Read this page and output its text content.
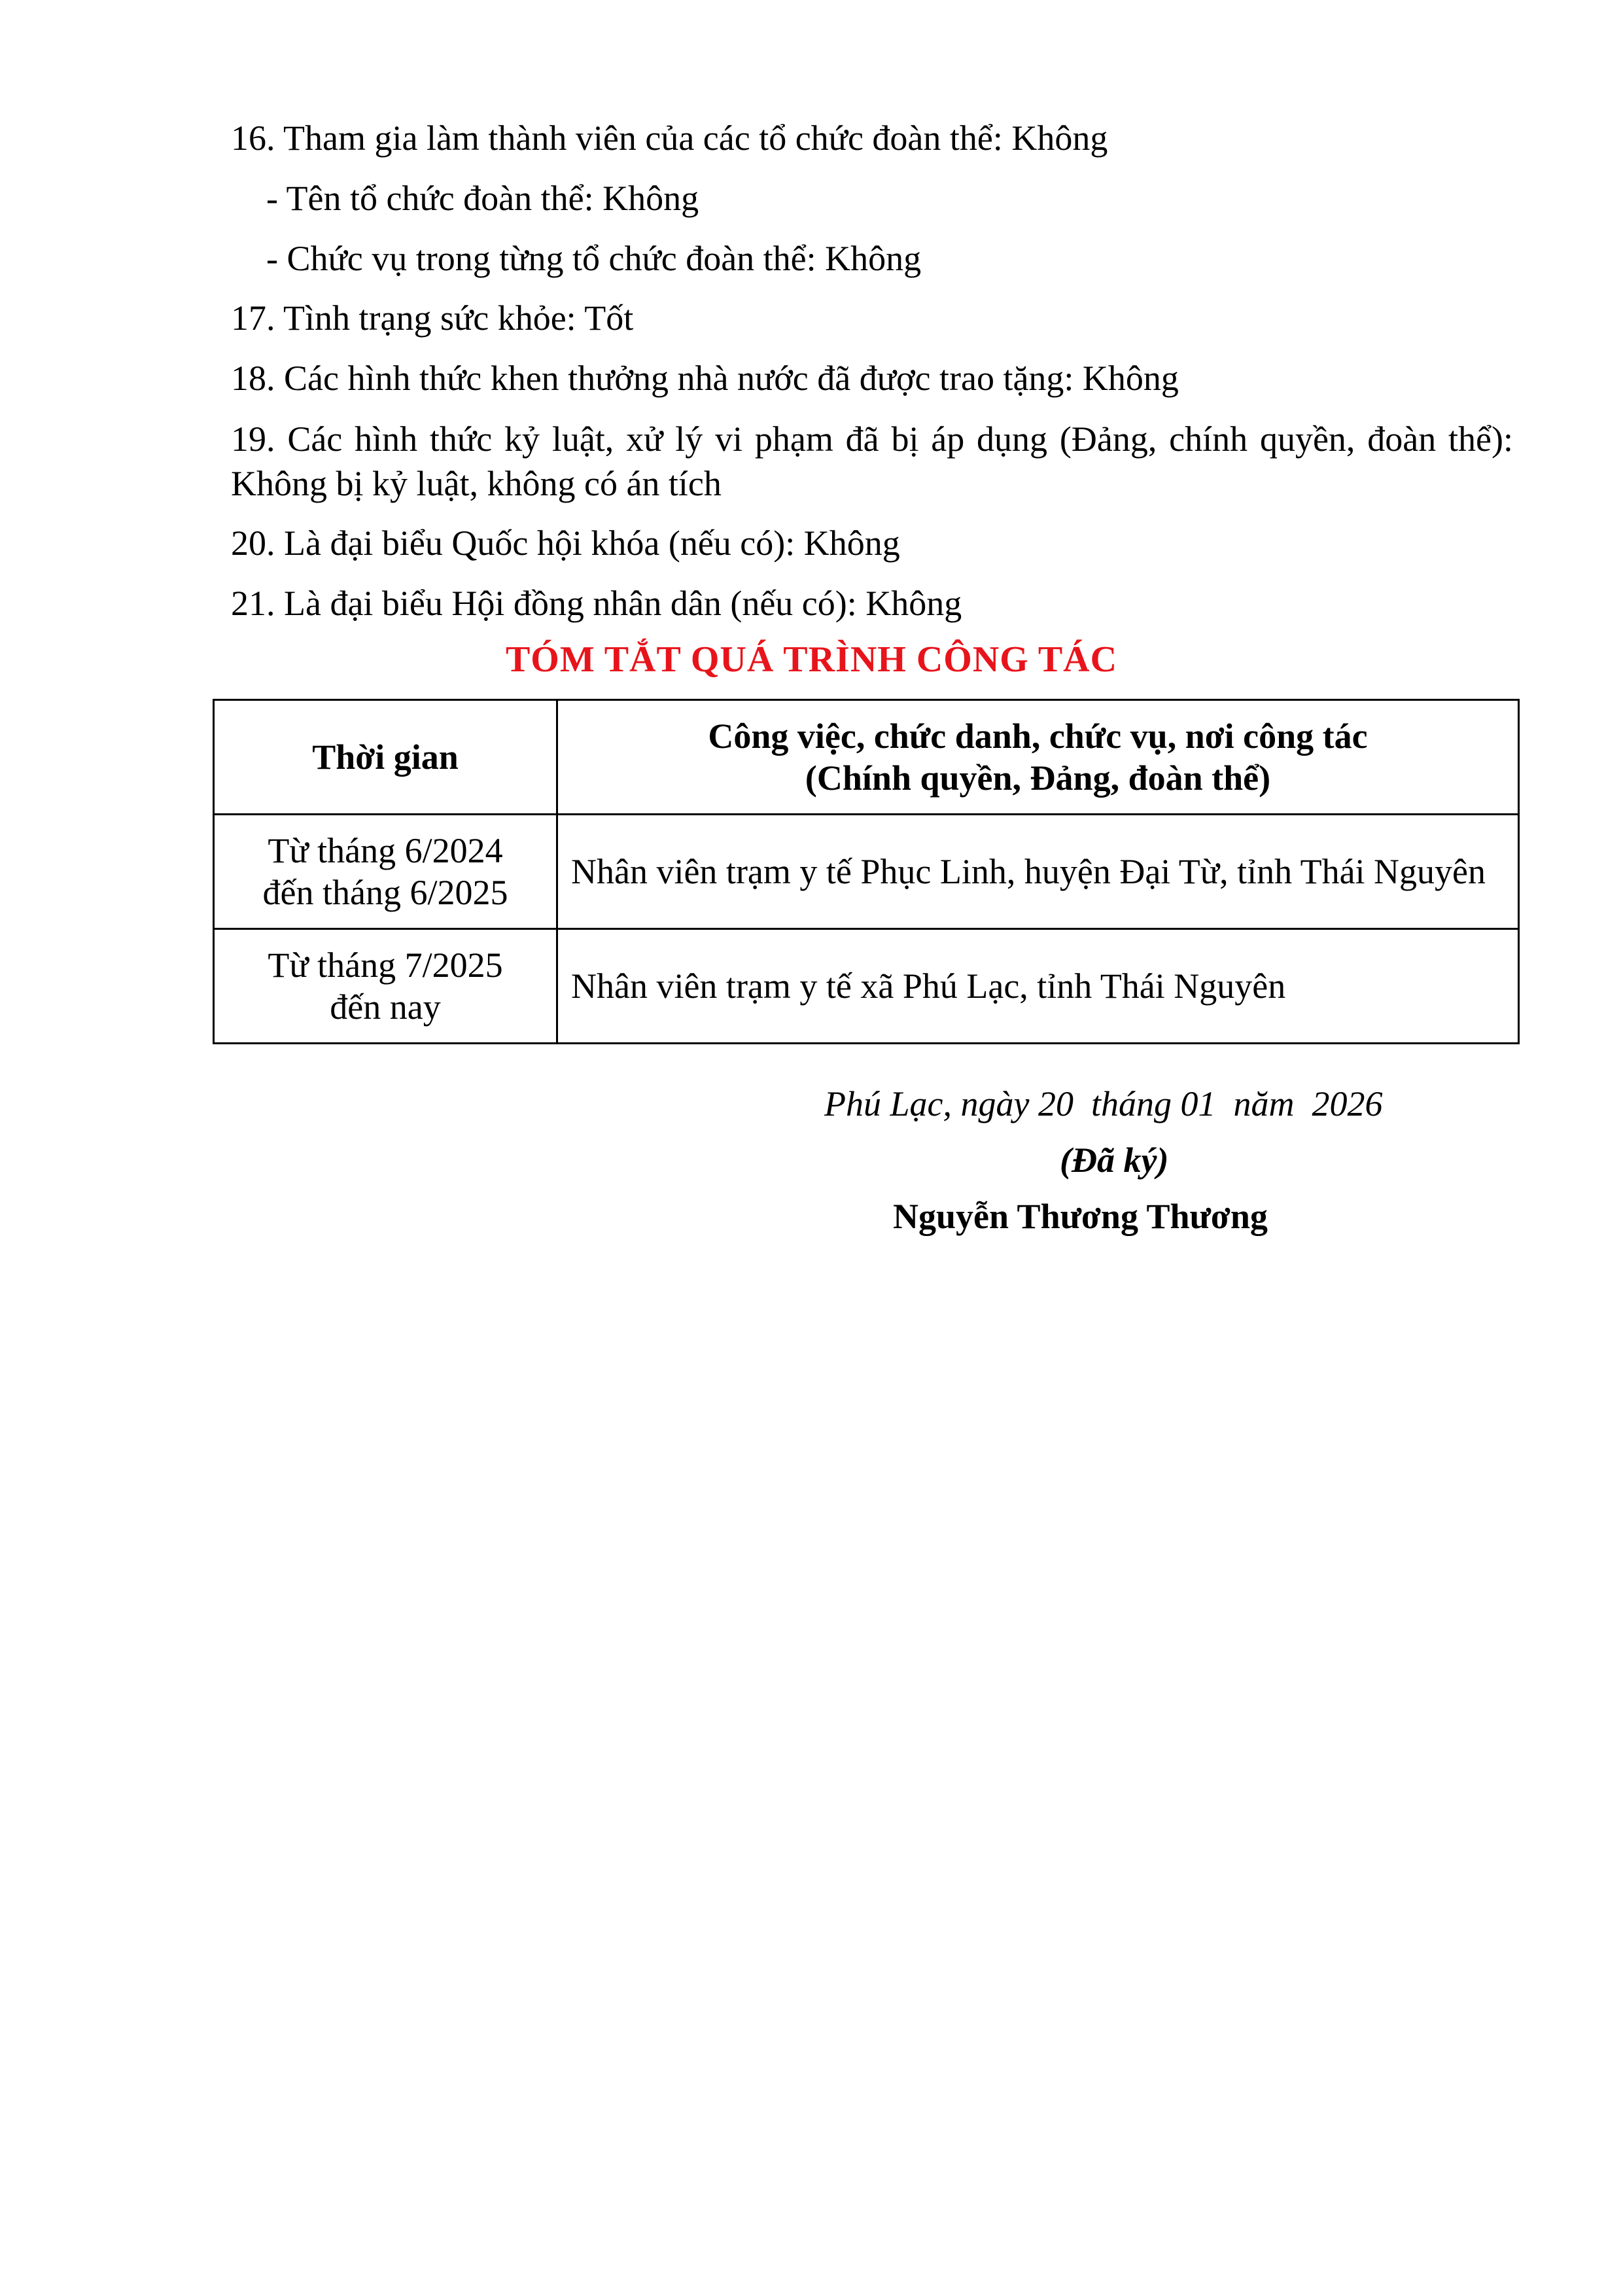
16. Tham gia làm thành viên của các tổ chức đoàn thể: Không
- Tên tổ chức đoàn thể: Không
- Chức vụ trong từng tổ chức đoàn thể: Không
17. Tình trạng sức khỏe: Tốt
18. Các hình thức khen thưởng nhà nước đã được trao tặng: Không
19. Các hình thức kỷ luật, xử lý vi phạm đã bị áp dụng (Đảng, chính quyền, đoàn thể): Không bị kỷ luật, không có án tích
20. Là đại biểu Quốc hội khóa (nếu có): Không
21. Là đại biểu Hội đồng nhân dân (nếu có): Không
TÓM TẮT QUÁ TRÌNH CÔNG TÁC
Thời gian	Công việc, chức danh, chức vụ, nơi công tác
(Chính quyền, Đảng, đoàn thể)

Từ tháng 6/2024
đến tháng 6/2025	Nhân viên trạm y tế Phục Linh, huyện Đại Từ, tỉnh Thái Nguyên

Từ tháng 7/2025
đến nay	Nhân viên trạm y tế xã Phú Lạc, tỉnh Thái Nguyên
Phú Lạc, ngày 20  tháng 01  năm  2026
(Đã ký)
Nguyễn Thương Thương
